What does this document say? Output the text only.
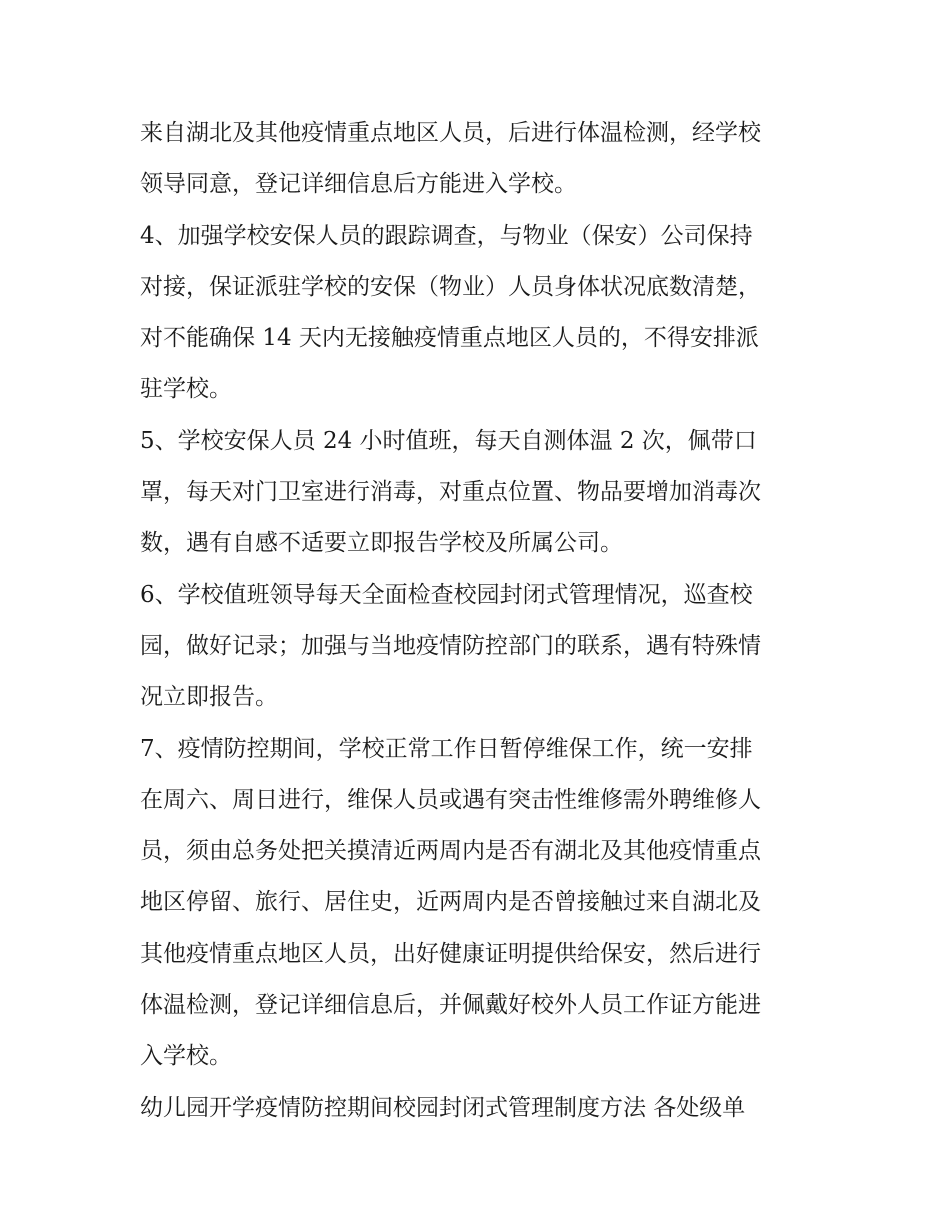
来自湖北及其他疫情重点地区人员，后进行体温检测，经学校
领导同意，登记详细信息后方能进入学校。
4、加强学校安保人员的跟踪调查，与物业（保安）公司保持
对接，保证派驻学校的安保（物业）人员身体状况底数清楚，
对不能确保 14 天内无接触疫情重点地区人员的，不得安排派
驻学校。
5、学校安保人员 24 小时值班，每天自测体温 2 次，佩带口
罩，每天对门卫室进行消毒，对重点位置、物品要增加消毒次
数，遇有自感不适要立即报告学校及所属公司。
6、学校值班领导每天全面检查校园封闭式管理情况，巡查校
园，做好记录；加强与当地疫情防控部门的联系，遇有特殊情
况立即报告。
7、疫情防控期间，学校正常工作日暂停维保工作，统一安排
在周六、周日进行，维保人员或遇有突击性维修需外聘维修人
员，须由总务处把关摸清近两周内是否有湖北及其他疫情重点
地区停留、旅行、居住史，近两周内是否曾接触过来自湖北及
其他疫情重点地区人员，出好健康证明提供给保安，然后进行
体温检测，登记详细信息后，并佩戴好校外人员工作证方能进
入学校。
幼儿园开学疫情防控期间校园封闭式管理制度方法 各处级单
